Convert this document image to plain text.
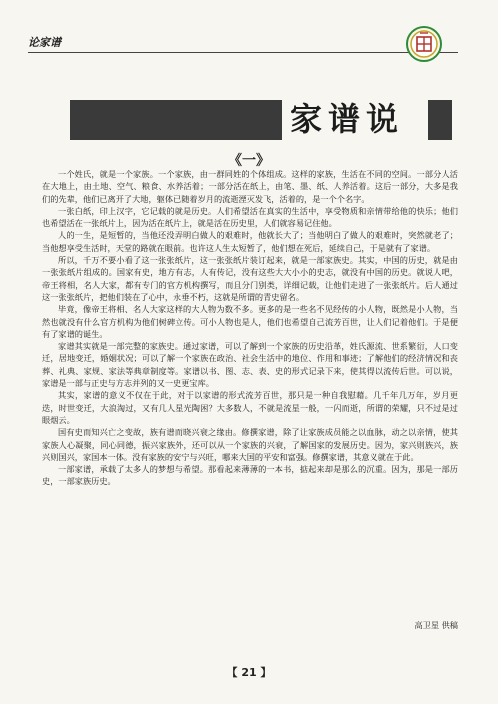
论家谱
家谱说
《一》

一个姓氏，就是一个家族。一个家族，由一群同姓的个体组成。这样的家族，生活在不同的空间。一部分人活在大地上，由土地、空气、粮食、水养活着；一部分活在纸上，由笔、墨、纸、人养活着。这后一部分，大多是我们的先辈，他们已离开了大地，躯体已随着岁月的流逝湮灭发飞，活着的，是一个个名字。

一张白纸，印上汉字，它记载的就是历史。人们希望活在真实的生活中，享受物质和亲情带给他的快乐；他们也希望活在一张纸片上，因为活在纸片上，就是活在历史里，人们就容易记住他。

人的一生，是短暂的，当他还没弄明白做人的艰难时，他就长大了；当他明白了做人的艰难时，突然就老了；当他想享受生活时，天堂的路就在眼前。也许这人生太短暂了，他们想在死后，延续自己，于是就有了家谱。

所以，千万不要小看了这一张张纸片，这一张张纸片装订起来，就是一部家族史。其实，中国的历史，就是由一张张纸片组成的。国家有史，地方有志，人有传记，没有这些大大小小的史志，就没有中国的历史。就说人吧，帝王将相，名人大家，都有专门的官方机构撰写，而且分门别类，详细记载，让他们走进了一张张纸片。后人通过这一张张纸片，把他们装在了心中，永垂不朽，这就是所谓的青史留名。

毕竟，像帝王将相、名人大家这样的大人物为数不多。更多的是一些名不见经传的小人物，既然是小人物，当然也就没有什么官方机构为他们树碑立传。可小人物也是人，他们也希望自己流芳百世，让人们记着他们。于是便有了家谱的诞生。

家谱其实就是一部完整的家族史。通过家谱，可以了解到一个家族的历史沿革，姓氏源流、世系繁衍，人口变迁，居地变迁，婚姻状况；可以了解一个家族在政治、社会生活中的地位、作用和事迹；了解他们的经济情况和丧葬、礼典、家规、家法等典章制度等。家谱以书、图、志、表、史的形式记录下来，使其得以流传后世。可以说，家谱是一部与正史与方志并列的又一史更宝库。

其实，家谱的意义不仅在于此，对于以家谱的形式流芳百世，那只是一种自我慰藉。几千年几万年，岁月更迭，时世变迁，大浪淘过，又有几人星光陶困？大多数人，不就是流星一般，一闪而逝，所谓的荣耀，只不过是过眼烟云。

国有史而知兴亡之变故，族有谱而晓兴衰之缘由。修撰家谱，除了让家族成员能之以血脉，动之以亲情，使其家族人心凝聚，同心同德，振兴家族外，还可以从一个家族的兴衰，了解国家的发展历史。因为，家兴则族兴，族兴则国兴，家国本一体。没有家族的安宁与兴旺，哪来大国的平安和富强。修撰家谱，其意义就在于此。

一部家谱，承载了太多人的梦想与希望。那看起来薄薄的一本书，掂起来却是那么的沉重。因为，那是一部历史，一部家族历史。

高卫星 供稿
【 21 】
